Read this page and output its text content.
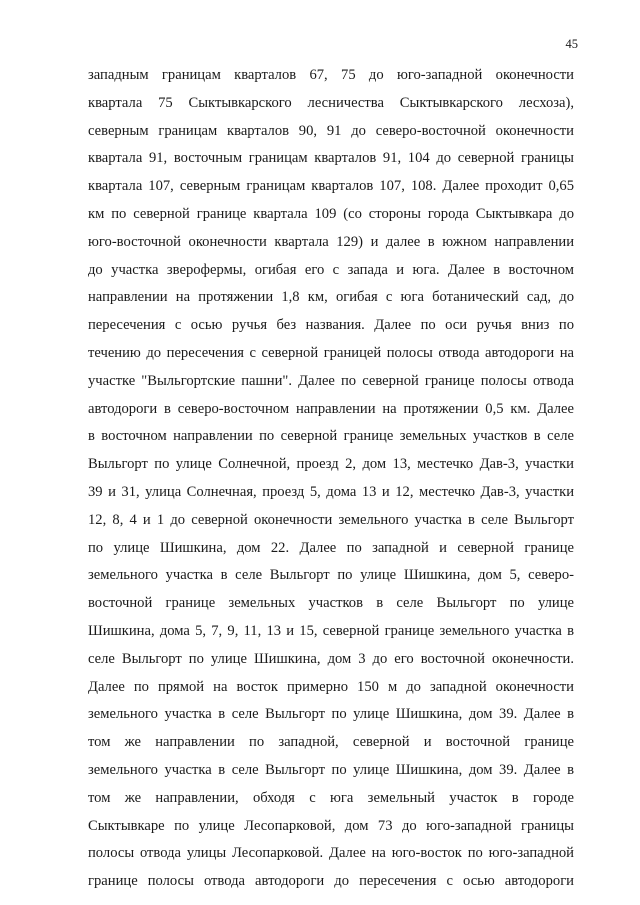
45
западным границам кварталов 67, 75 до юго-западной оконечности
квартала 75 Сыктывкарского лесничества Сыктывкарского лесхоза),
северным границам кварталов 90, 91 до северо-восточной оконечности
квартала 91, восточным границам кварталов 91, 104 до северной границы
квартала 107, северным границам кварталов 107, 108. Далее проходит 0,65
км по северной границе квартала 109 (со стороны города Сыктывкара до
юго-восточной оконечности квартала 129) и далее в южном направлении
до участка зверофермы, огибая его с запада и юга. Далее в восточном
направлении на протяжении 1,8 км, огибая с юга ботанический сад, до
пересечения с осью ручья без названия. Далее по оси ручья вниз по
течению до пересечения с северной границей полосы отвода автодороги на
участке "Выльгортские пашни". Далее по северной границе полосы отвода
автодороги в северо-восточном направлении на протяжении 0,5 км. Далее
в восточном направлении по северной границе земельных участков в селе
Выльгорт по улице Солнечной, проезд 2, дом 13, местечко Дав-3, участки
39 и 31, улица Солнечная, проезд 5, дома 13 и 12, местечко Дав-3, участки
12, 8, 4 и 1 до северной оконечности земельного участка в селе Выльгорт
по улице Шишкина, дом 22. Далее по западной и северной границе
земельного участка в селе Выльгорт по улице Шишкина, дом 5, северо-
восточной границе земельных участков в селе Выльгорт по улице
Шишкина, дома 5, 7, 9, 11, 13 и 15, северной границе земельного участка в
селе Выльгорт по улице Шишкина, дом 3 до его восточной оконечности.
Далее по прямой на восток примерно 150 м до западной оконечности
земельного участка в селе Выльгорт по улице Шишкина, дом 39. Далее в
том же направлении по западной, северной и восточной границе
земельного участка в селе Выльгорт по улице Шишкина, дом 39. Далее в
том же направлении, обходя с юга земельный участок в городе
Сыктывкаре по улице Лесопарковой, дом 73 до юго-западной границы
полосы отвода улицы Лесопарковой. Далее на юго-восток по юго-западной
границе полосы отвода автодороги до пересечения с осью автодороги
